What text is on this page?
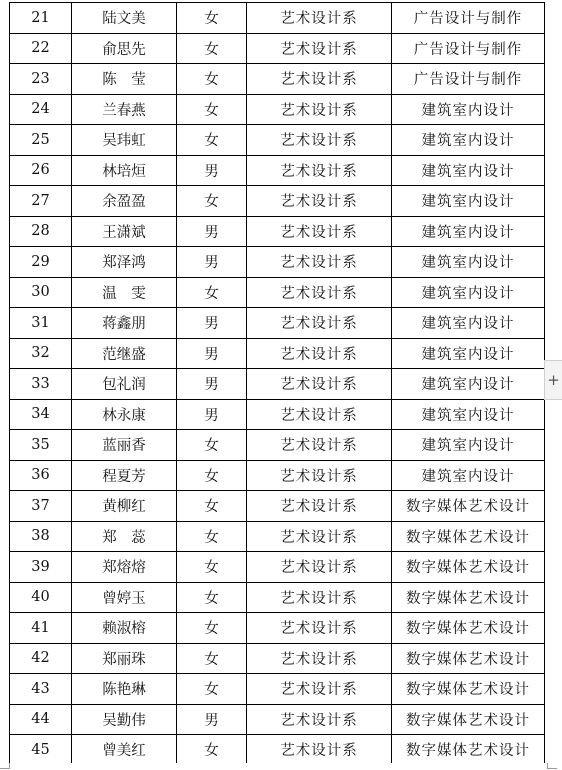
21	陆文美	女	艺术设计系	广告设计与制作
22	俞思先	女	艺术设计系	广告设计与制作
23	陈　莹	女	艺术设计系	广告设计与制作
24	兰春燕	女	艺术设计系	建筑室内设计
25	吴玮虹	女	艺术设计系	建筑室内设计
26	林培烜	男	艺术设计系	建筑室内设计
27	余盈盈	女	艺术设计系	建筑室内设计
28	王潇斌	男	艺术设计系	建筑室内设计
29	郑泽鸿	男	艺术设计系	建筑室内设计
30	温　雯	女	艺术设计系	建筑室内设计
31	蒋鑫朋	男	艺术设计系	建筑室内设计
32	范继盛	男	艺术设计系	建筑室内设计
33	包礼润	男	艺术设计系	建筑室内设计
34	林永康	男	艺术设计系	建筑室内设计
35	蓝丽香	女	艺术设计系	建筑室内设计
36	程夏芳	女	艺术设计系	建筑室内设计
37	黄柳红	女	艺术设计系	数字媒体艺术设计
38	郑　蕊	女	艺术设计系	数字媒体艺术设计
39	郑熔熔	女	艺术设计系	数字媒体艺术设计
40	曾婷玉	女	艺术设计系	数字媒体艺术设计
41	赖淑榕	女	艺术设计系	数字媒体艺术设计
42	郑丽珠	女	艺术设计系	数字媒体艺术设计
43	陈艳琳	女	艺术设计系	数字媒体艺术设计
44	吴勤伟	男	艺术设计系	数字媒体艺术设计
45	曾美红	女	艺术设计系	数字媒体艺术设计
+
